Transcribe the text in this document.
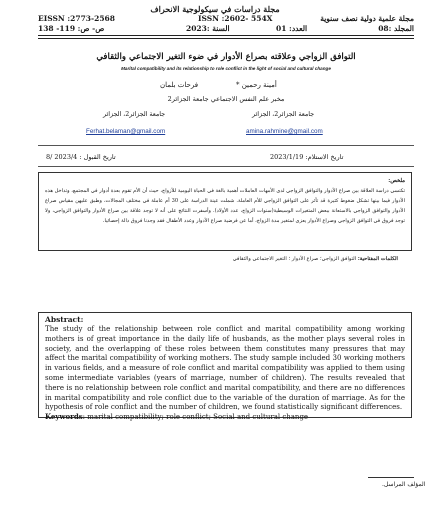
مجلة دراسات في سيكولوجية الانحراف
EISSN :2773-2568	ISSN :2602- 554X	مجلة علمية دولية نصف سنوية
ص- ص: 119- 138	السنة :2023	العدد: 01	المجلد :08
التوافق الزواجي وعلاقته بصراع الأدوار في ضوء التغير الاجتماعي والثقافي
Marital compatibility and its relationship to role conflict in the light of social and cultural change
أمينة رحمين *
فرحات بلمان
مخبر علم النفس الاجتماعي جامعة الجزائر2
جامعة الجزائر2، الجزائر
جامعة الجزائر2، الجزائر
amina.rahmine@gmail.com
Ferhat.belaman@gmail.com
تاريخ الاستلام: 2023/1/19
تاريخ القبول : 2023/4 /8
ملخص:
تكتسي دراسة العلاقة بين صراع الأدوار والتوافق الزواجي لدى الأمهات العاملات أهمية بالغة في الحياة اليومية للأزواج، حيث أن الأم تقوم بعدة أدوار في المجتمع، وتداخل هذه الأدوار فيما بينها تشكل ضغوط كثيرة قد تأثر على التوافق الزواجي للأم العاملة. شملت عينة الدراسة على 30 أم عاملة في مختلف المجالات، وطبق عليهن مقياس صراع الأدوار والتوافق الزواجي بالاستعانة ببعض المتغيرات الوسيطية(سنوات الزواج، عدد الأولاد). وأسفرت النتائج على أنه لا توجد علاقة بين صراع الأدوار والتوافق الزواجي، ولا توجد فروق في التوافق الزواجي وصراع الأدوار يعزى لمتغير مدة الزواج، أما عن فرضية صراع الأدوار وعدد الأطفال فقد وجدنا فروق دالة إحصائيا.
الكلمات المفتاحية: التوافق الزواجي؛ صراع الأدوار ؛ التغير الاجتماعي والثقافي
Abstract:
The study of the relationship between role conflict and marital compatibility among working mothers is of great importance in the daily life of husbands, as the mother plays several roles in society, and the overlapping of these roles between them constitutes many pressures that may affect the marital compatibility of working mothers. The study sample included 30 working mothers in various fields, and a measure of role conflict and marital compatibility was applied to them using some intermediate variables (years of marriage, number of children). The results revealed that there is no relationship between role conflict and marital compatibility, and there are no differences in marital compatibility and role conflict due to the variable of the duration of marriage. As for the hypothesis of role conflict and the number of children, we found statistically significant differences.
Keywords: marital compatibility; role conflict; Social and cultural change
المؤلف المراسل.
